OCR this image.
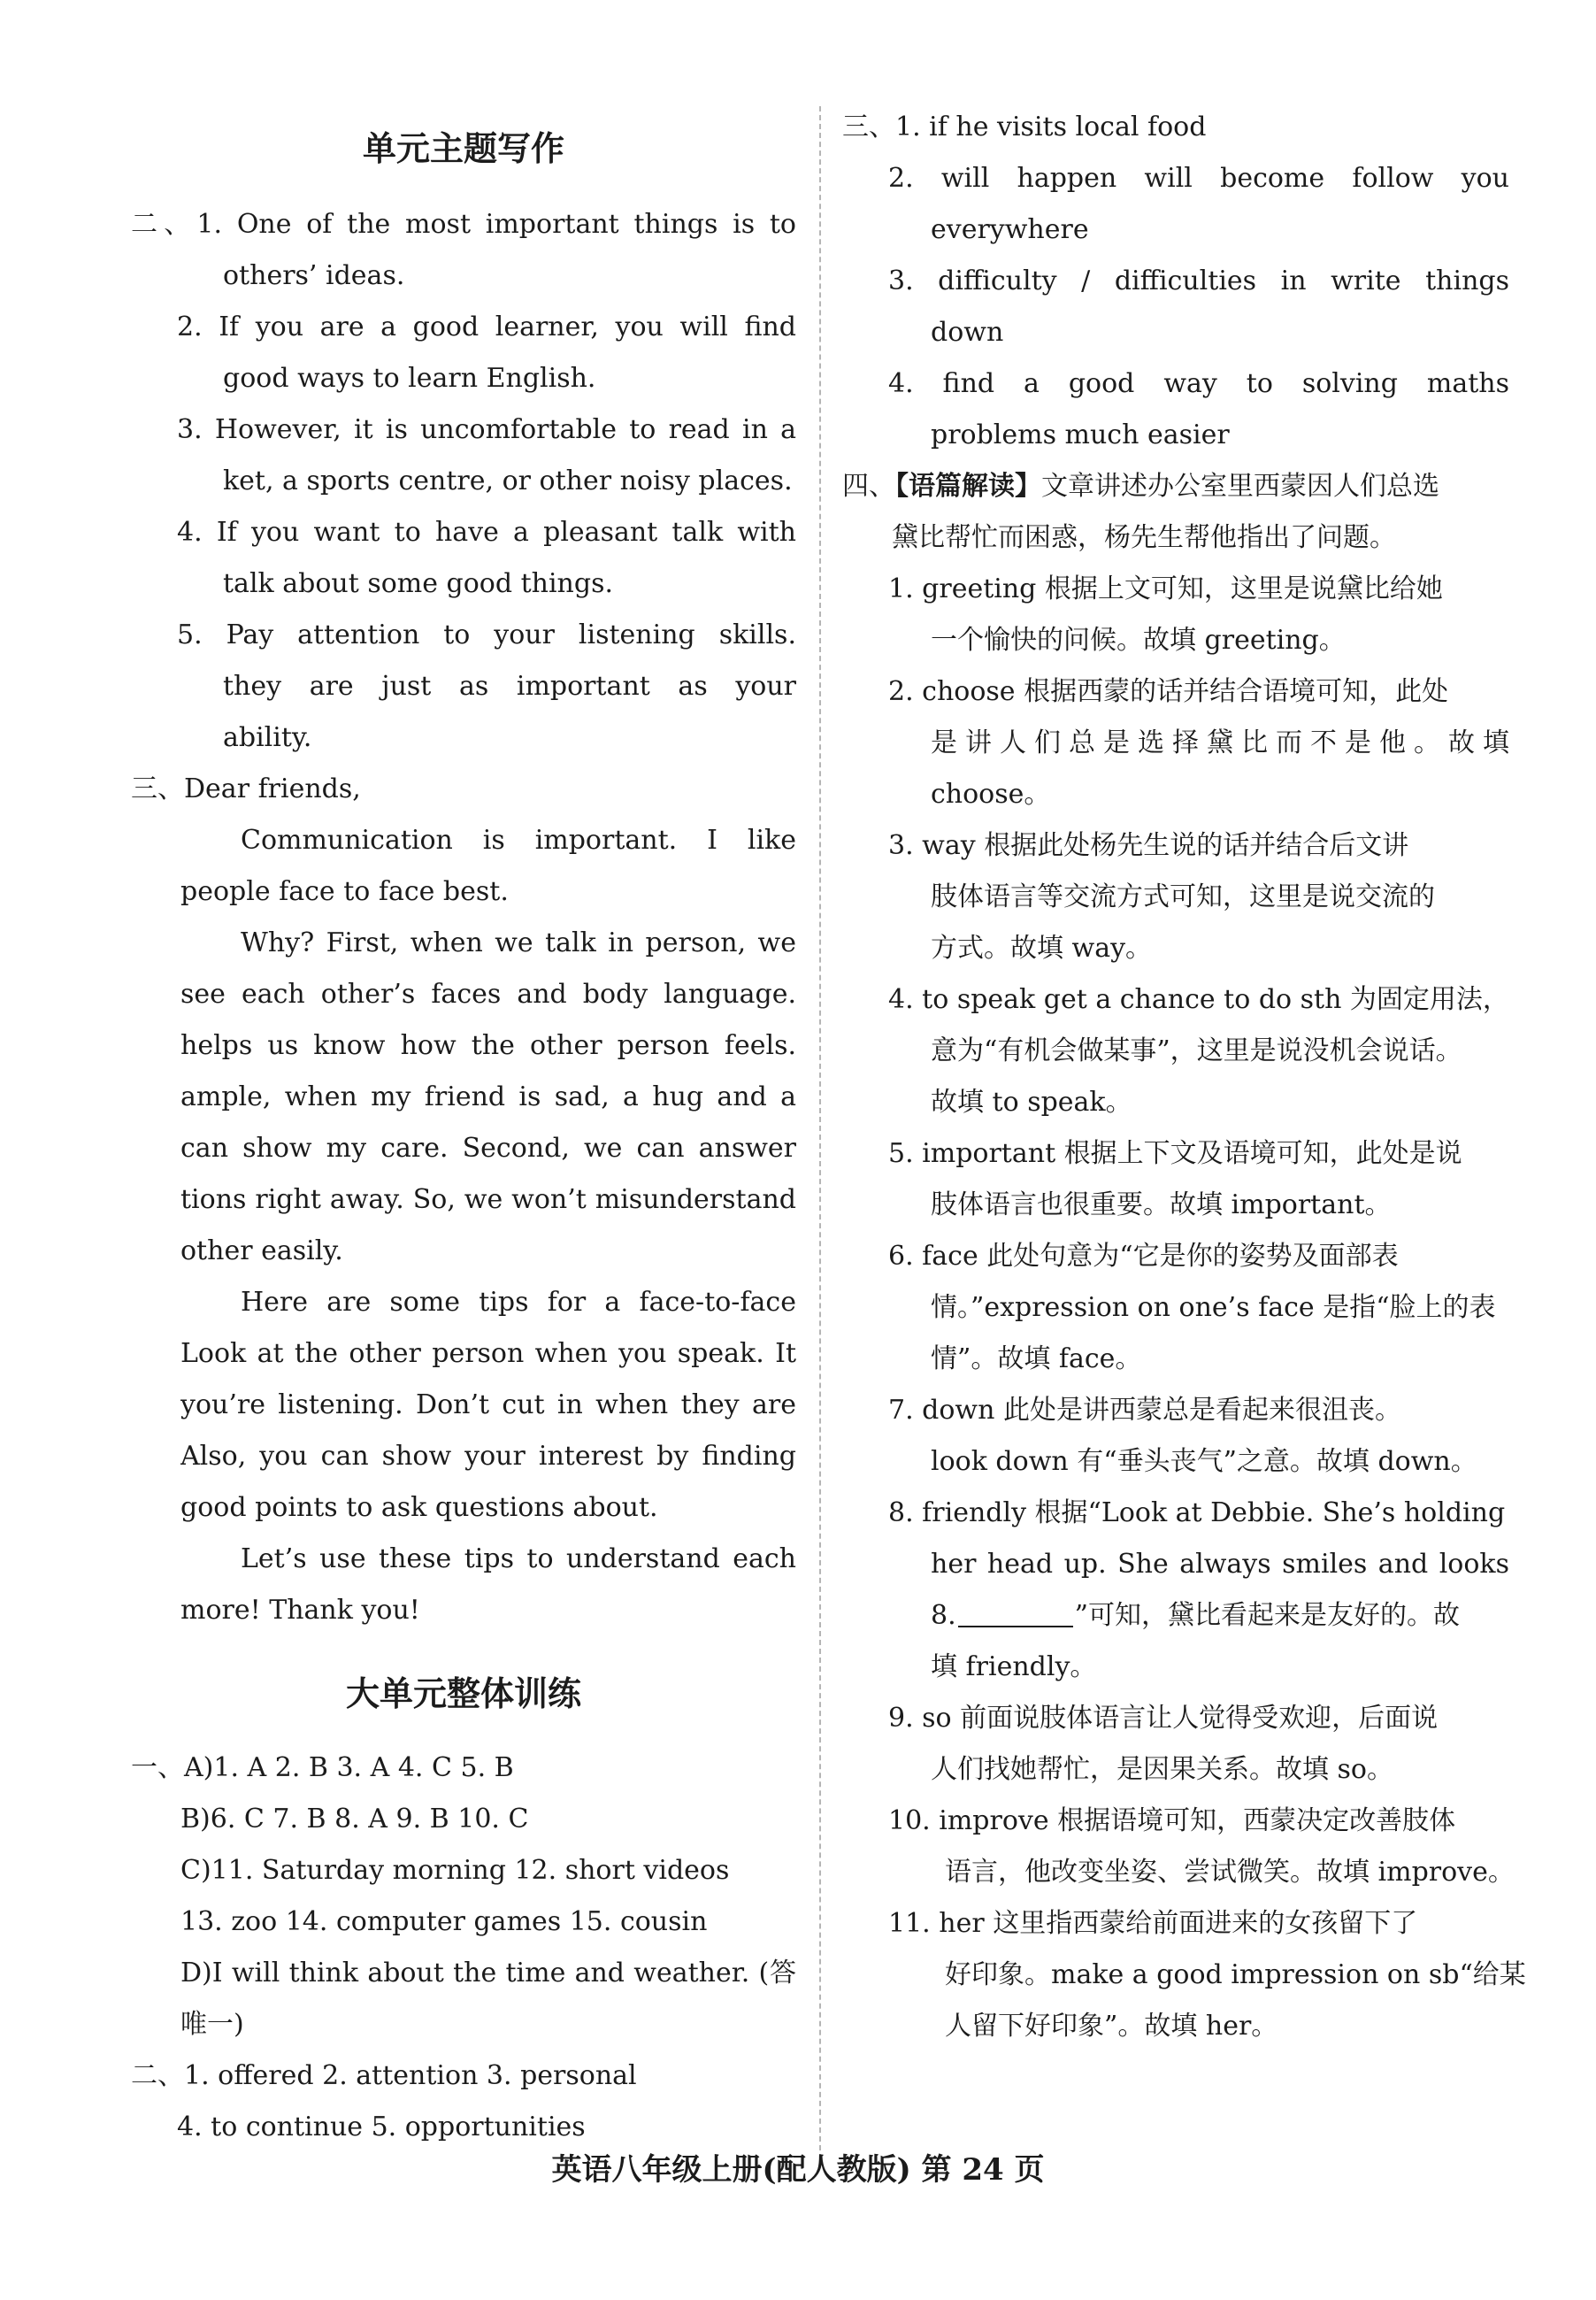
单元主题写作
二、1. One of the most important things is to
others’ ideas.
2. If you are a good learner, you will find
good ways to learn English.
3. However, it is uncomfortable to read in a
ket, a sports centre, or other noisy places.
4. If you want to have a pleasant talk with
talk about some good things.
5. Pay attention to your listening skills.
they are just as important as your
ability.
三、Dear friends,
Communication is important. I like
people face to face best.
Why? First, when we talk in person, we
see each other’s faces and body language.
helps us know how the other person feels.
ample, when my friend is sad, a hug and a
can show my care. Second, we can answer
tions right away. So, we won’t misunderstand
other easily.
Here are some tips for a face-to-face
Look at the other person when you speak. It
you’re listening. Don’t cut in when they are
Also, you can show your interest by finding
good points to ask questions about.
Let’s use these tips to understand each
more! Thank you!
大单元整体训练
一、A)1. A 2. B 3. A 4. C 5. B
B)6. C 7. B 8. A 9. B 10. C
C)11. Saturday morning 12. short videos
13. zoo 14. computer games 15. cousin
D)I will think about the time and weather. (答
唯一)
二、1. offered 2. attention 3. personal
4. to continue 5. opportunities
三、1. if he visits local food
2. will happen will become follow you
everywhere
3. difficulty / difficulties in write things
down
4. find a good way to solving maths
problems much easier
四、【语篇解读】文章讲述办公室里西蒙因人们总选
黛比帮忙而困惑，杨先生帮他指出了问题。
1. greeting 根据上文可知，这里是说黛比给她
一个愉快的问候。故填 greeting。
2. choose 根据西蒙的话并结合语境可知，此处
是讲人们总是选择黛比而不是他。故填
choose。
3. way 根据此处杨先生说的话并结合后文讲
肢体语言等交流方式可知，这里是说交流的
方式。故填 way。
4. to speak get a chance to do sth 为固定用法，
意为“有机会做某事”，这里是说没机会说话。
故填 to speak。
5. important 根据上下文及语境可知，此处是说
肢体语言也很重要。故填 important。
6. face 此处句意为“它是你的姿势及面部表
情。”expression on one’s face 是指“脸上的表
情”。故填 face。
7. down 此处是讲西蒙总是看起来很沮丧。
look down 有“垂头丧气”之意。故填 down。
8. friendly 根据“Look at Debbie. She’s holding
her head up. She always smiles and looks
8.	”可知，黛比看起来是友好的。故
填 friendly。
9. so 前面说肢体语言让人觉得受欢迎，后面说
人们找她帮忙，是因果关系。故填 so。
10. improve 根据语境可知，西蒙决定改善肢体
语言，他改变坐姿、尝试微笑。故填 improve。
11. her 这里指西蒙给前面进来的女孩留下了
好印象。make a good impression on sb“给某
人留下好印象”。故填 her。
英语八年级上册(配人教版) 第 24 页
